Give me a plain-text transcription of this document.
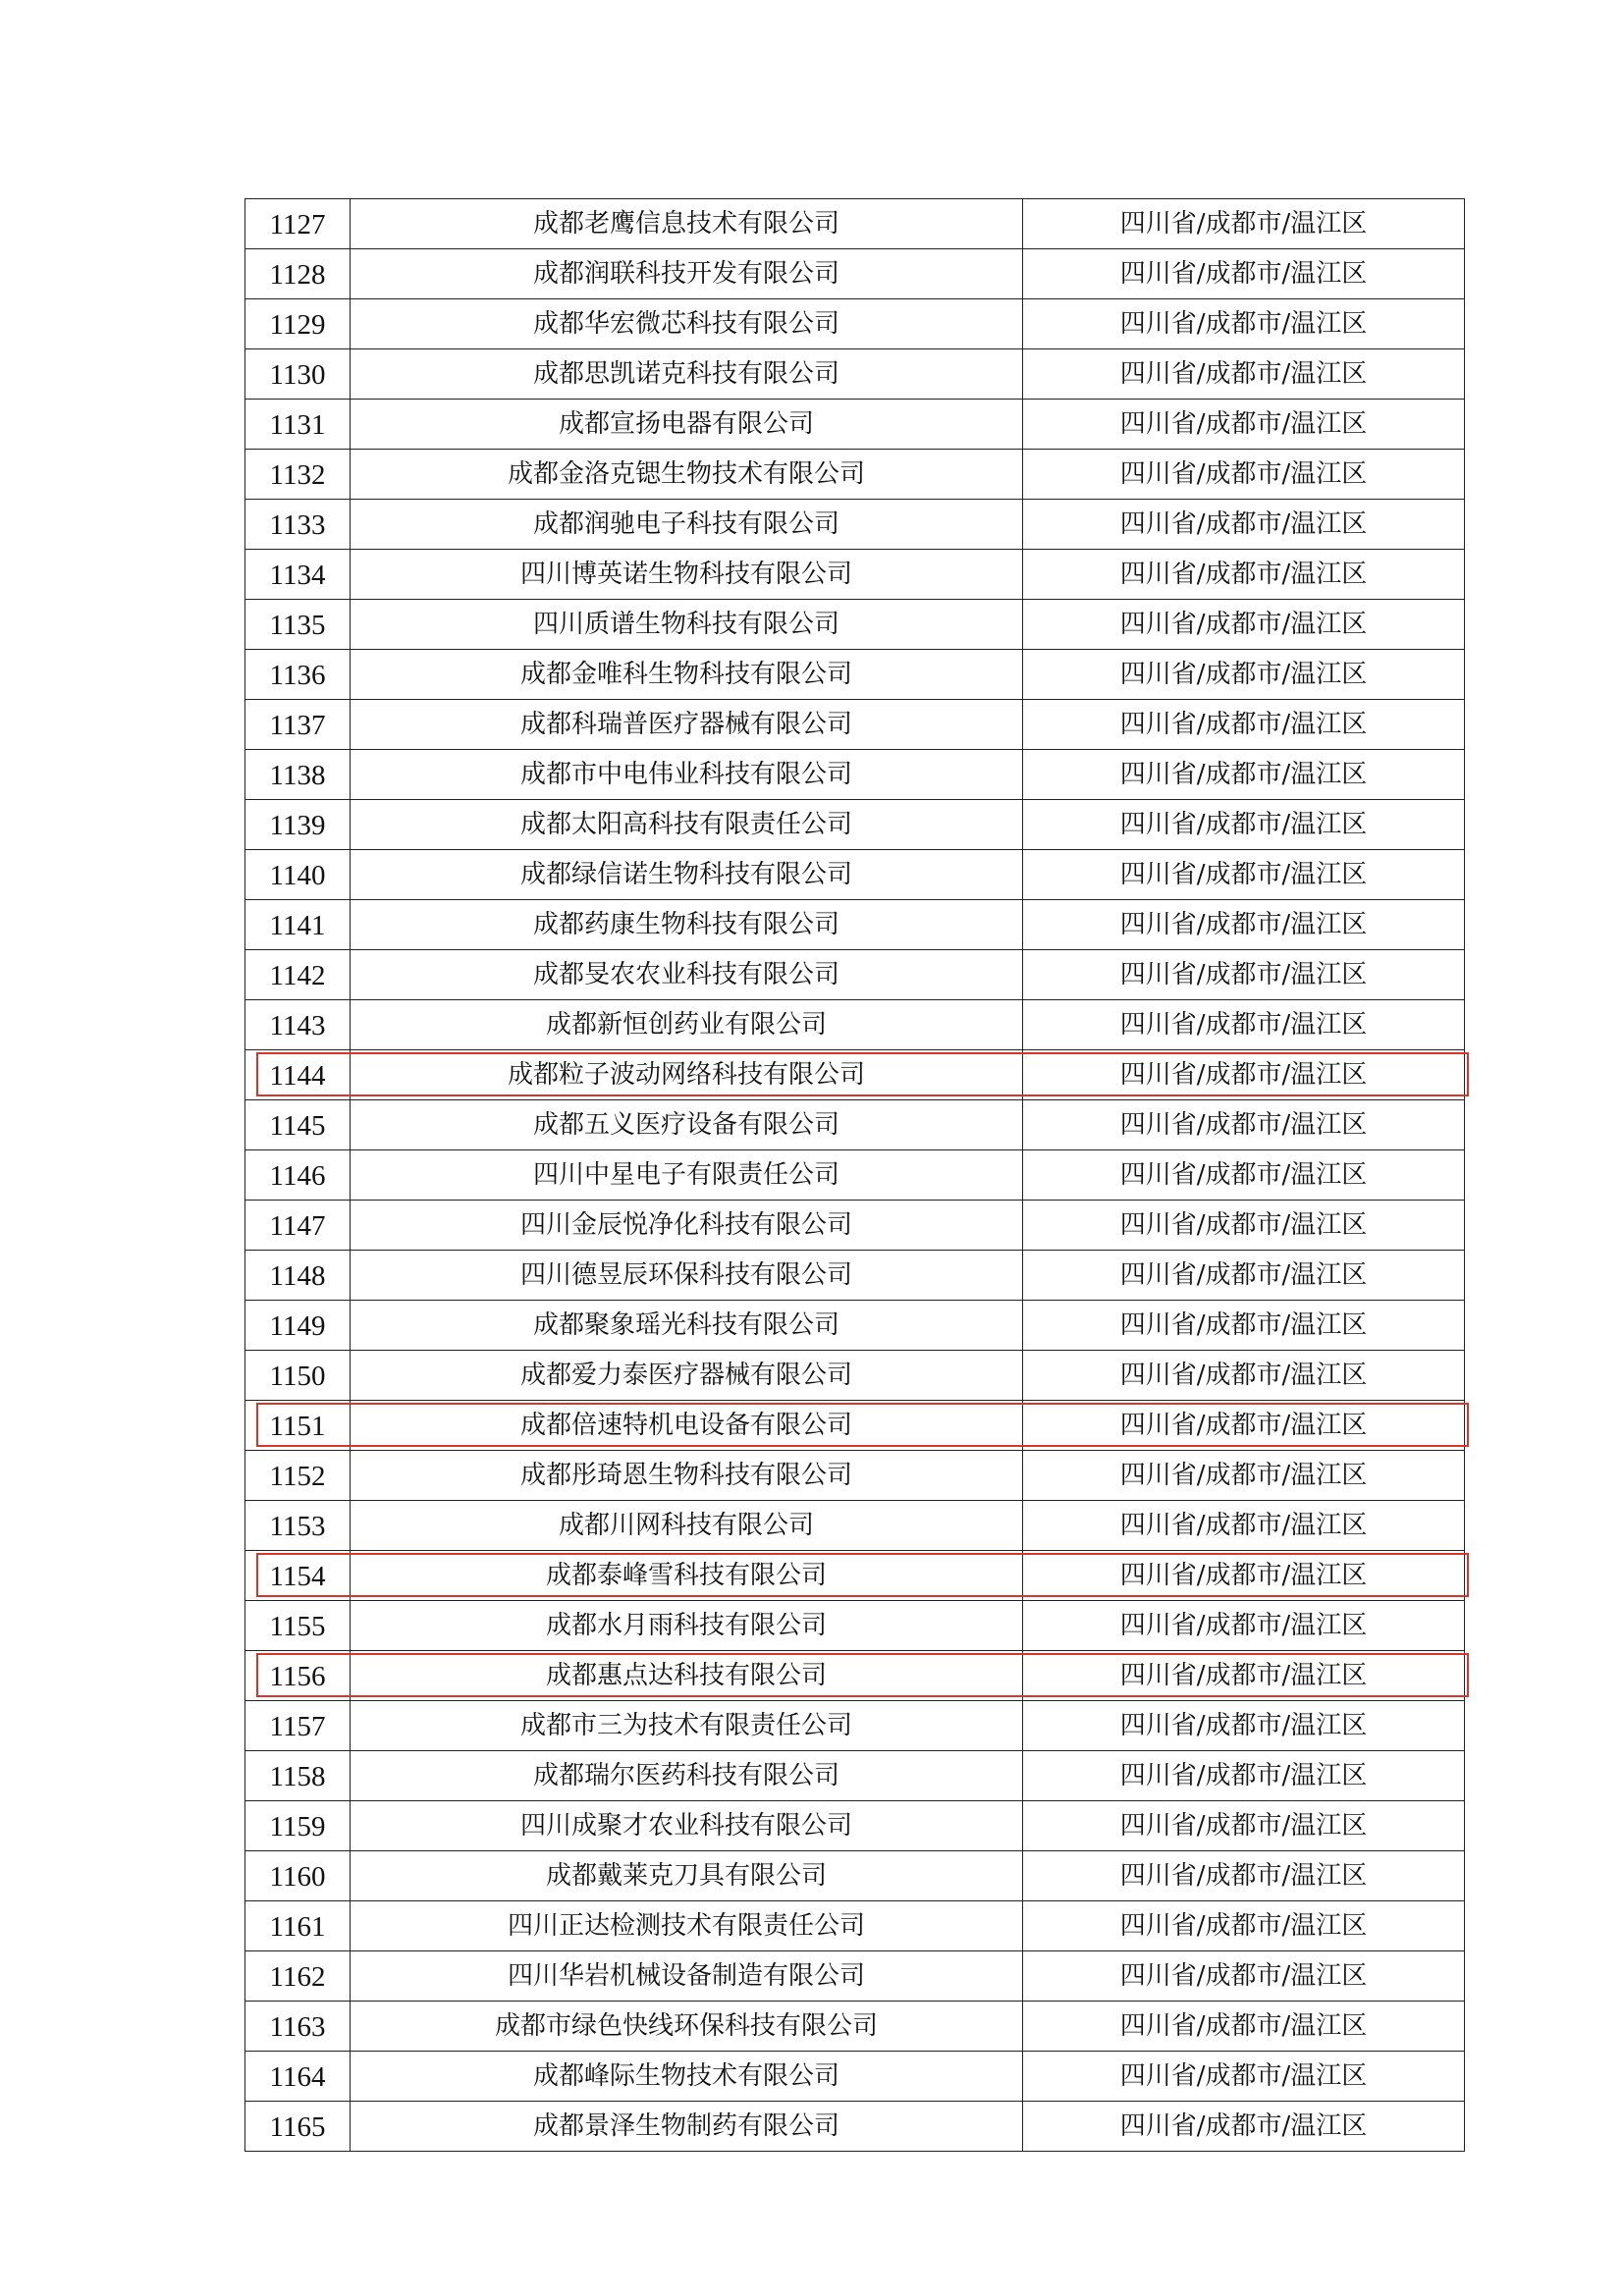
1127	成都老鹰信息技术有限公司	四川省/成都市/温江区
1128	成都润联科技开发有限公司	四川省/成都市/温江区
1129	成都华宏微芯科技有限公司	四川省/成都市/温江区
1130	成都思凯诺克科技有限公司	四川省/成都市/温江区
1131	成都宣扬电器有限公司	四川省/成都市/温江区
1132	成都金洛克锶生物技术有限公司	四川省/成都市/温江区
1133	成都润驰电子科技有限公司	四川省/成都市/温江区
1134	四川博英诺生物科技有限公司	四川省/成都市/温江区
1135	四川质谱生物科技有限公司	四川省/成都市/温江区
1136	成都金唯科生物科技有限公司	四川省/成都市/温江区
1137	成都科瑞普医疗器械有限公司	四川省/成都市/温江区
1138	成都市中电伟业科技有限公司	四川省/成都市/温江区
1139	成都太阳高科技有限责任公司	四川省/成都市/温江区
1140	成都绿信诺生物科技有限公司	四川省/成都市/温江区
1141	成都药康生物科技有限公司	四川省/成都市/温江区
1142	成都旻农农业科技有限公司	四川省/成都市/温江区
1143	成都新恒创药业有限公司	四川省/成都市/温江区
1144	成都粒子波动网络科技有限公司	四川省/成都市/温江区
1145	成都五义医疗设备有限公司	四川省/成都市/温江区
1146	四川中星电子有限责任公司	四川省/成都市/温江区
1147	四川金辰悦净化科技有限公司	四川省/成都市/温江区
1148	四川德昱辰环保科技有限公司	四川省/成都市/温江区
1149	成都聚象瑶光科技有限公司	四川省/成都市/温江区
1150	成都爱力泰医疗器械有限公司	四川省/成都市/温江区
1151	成都倍速特机电设备有限公司	四川省/成都市/温江区
1152	成都彤琦恩生物科技有限公司	四川省/成都市/温江区
1153	成都川网科技有限公司	四川省/成都市/温江区
1154	成都泰峰雪科技有限公司	四川省/成都市/温江区
1155	成都水月雨科技有限公司	四川省/成都市/温江区
1156	成都惠点达科技有限公司	四川省/成都市/温江区
1157	成都市三为技术有限责任公司	四川省/成都市/温江区
1158	成都瑞尔医药科技有限公司	四川省/成都市/温江区
1159	四川成聚才农业科技有限公司	四川省/成都市/温江区
1160	成都戴莱克刀具有限公司	四川省/成都市/温江区
1161	四川正达检测技术有限责任公司	四川省/成都市/温江区
1162	四川华岩机械设备制造有限公司	四川省/成都市/温江区
1163	成都市绿色快线环保科技有限公司	四川省/成都市/温江区
1164	成都峰际生物技术有限公司	四川省/成都市/温江区
1165	成都景泽生物制药有限公司	四川省/成都市/温江区
